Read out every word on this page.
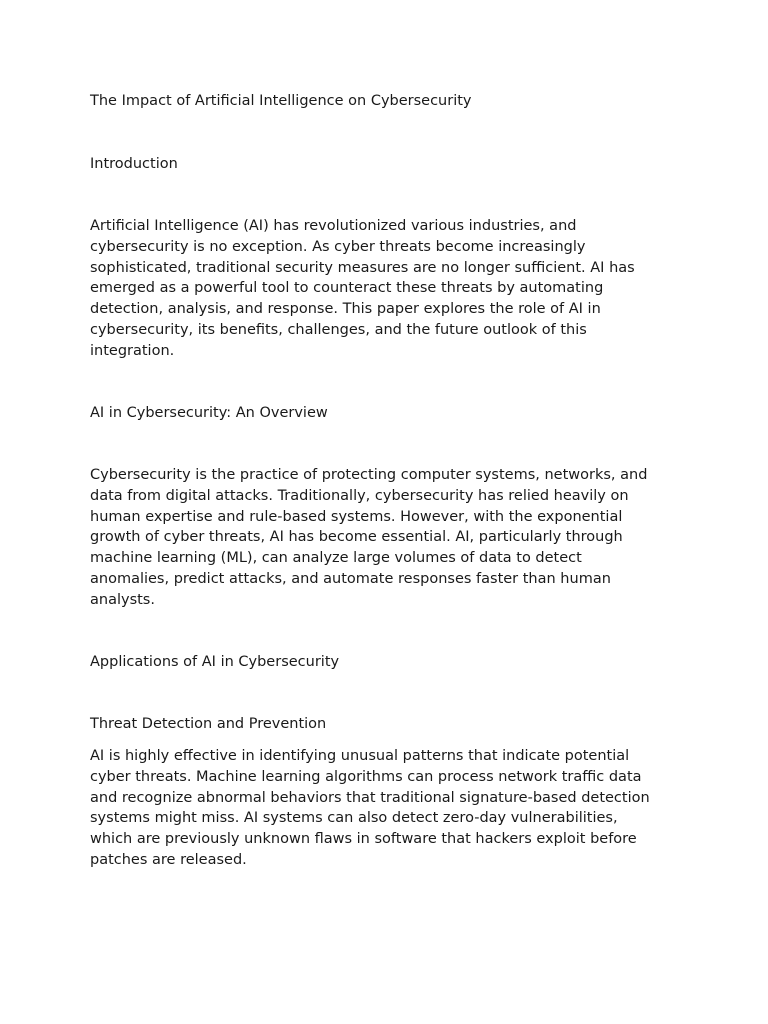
The Impact of Artificial Intelligence on Cybersecurity
Introduction
Artificial Intelligence (AI) has revolutionized various industries, and
cybersecurity is no exception. As cyber threats become increasingly
sophisticated, traditional security measures are no longer sufficient. AI has
emerged as a powerful tool to counteract these threats by automating
detection, analysis, and response. This paper explores the role of AI in
cybersecurity, its benefits, challenges, and the future outlook of this
integration.
AI in Cybersecurity: An Overview
Cybersecurity is the practice of protecting computer systems, networks, and
data from digital attacks. Traditionally, cybersecurity has relied heavily on
human expertise and rule-based systems. However, with the exponential
growth of cyber threats, AI has become essential. AI, particularly through
machine learning (ML), can analyze large volumes of data to detect
anomalies, predict attacks, and automate responses faster than human
analysts.
Applications of AI in Cybersecurity
Threat Detection and Prevention
AI is highly effective in identifying unusual patterns that indicate potential
cyber threats. Machine learning algorithms can process network traffic data
and recognize abnormal behaviors that traditional signature-based detection
systems might miss. AI systems can also detect zero-day vulnerabilities,
which are previously unknown flaws in software that hackers exploit before
patches are released.
